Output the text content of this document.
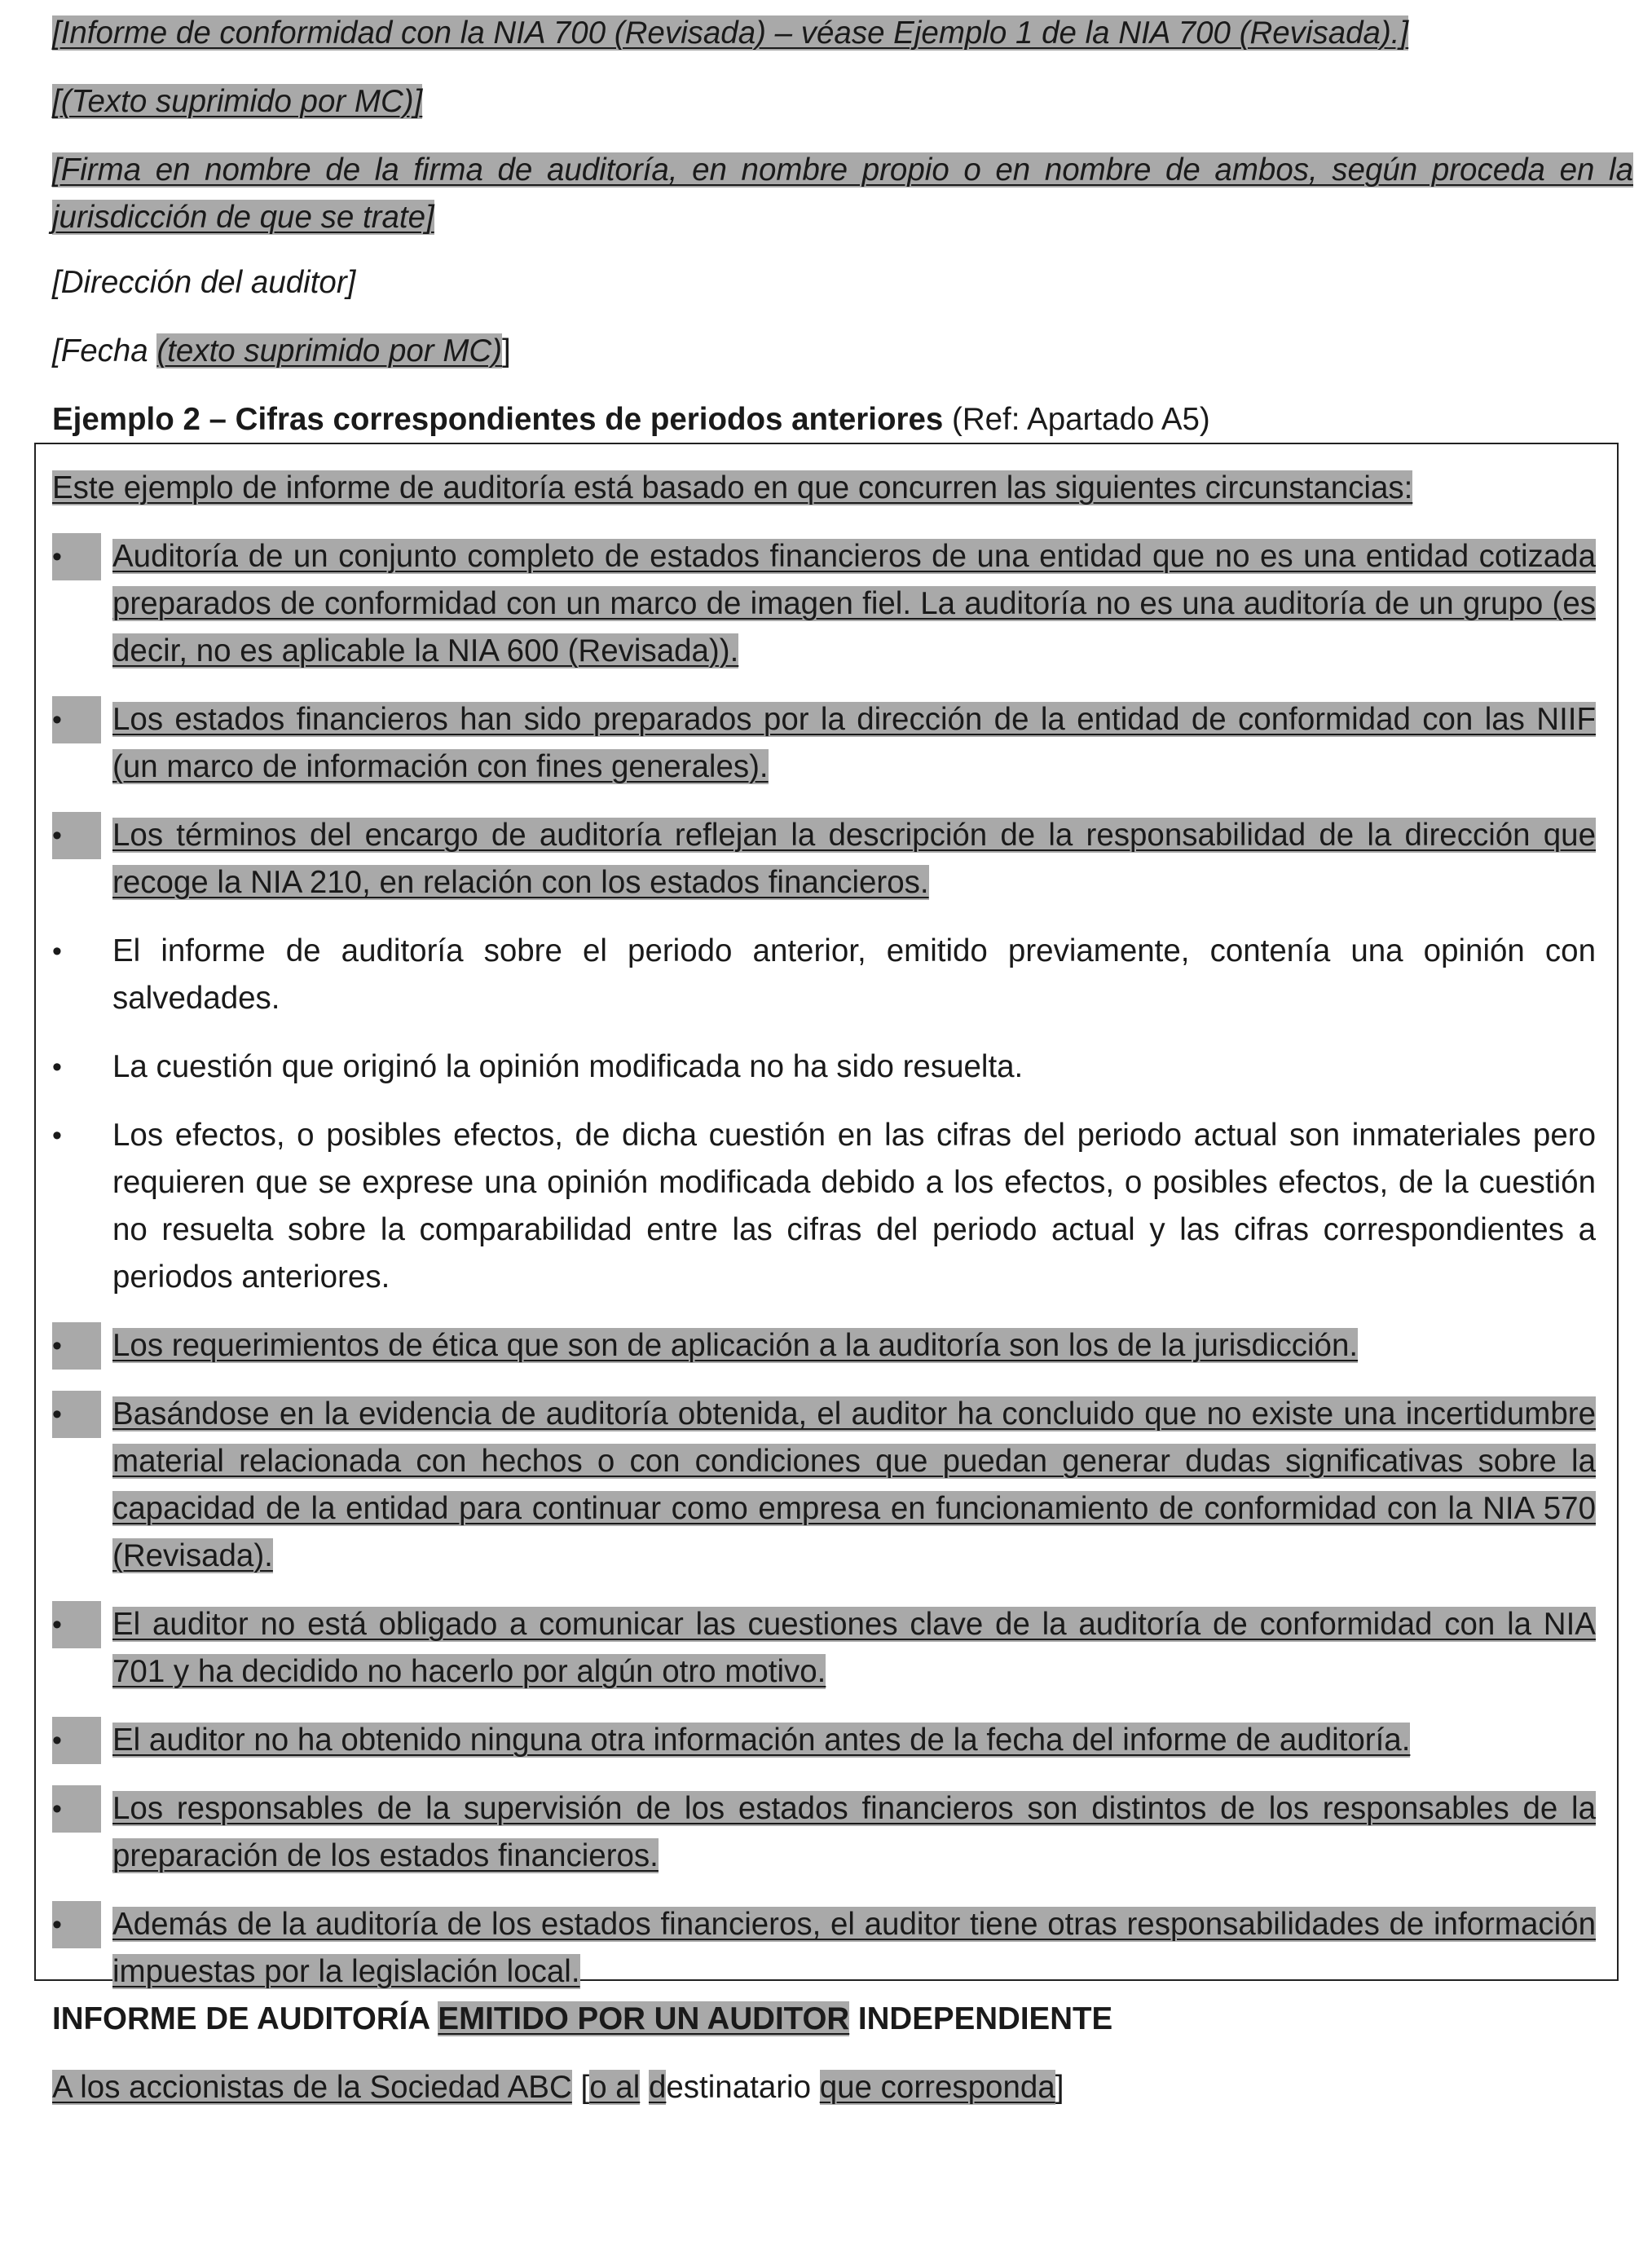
[Informe de conformidad con la NIA 700 (Revisada) – véase Ejemplo 1 de la NIA 700 (Revisada).]

[(Texto suprimido por MC)]

[Firma en nombre de la firma de auditoría, en nombre propio o en nombre de ambos, según proceda en la jurisdicción de que se trate]

[Dirección del auditor]

[Fecha (texto suprimido por MC)]

Ejemplo 2 – Cifras correspondientes de periodos anteriores (Ref: Apartado A5)

Este ejemplo de informe de auditoría está basado en que concurren las siguientes circunstancias:

•	Auditoría de un conjunto completo de estados financieros de una entidad que no es una entidad cotizada preparados de conformidad con un marco de imagen fiel. La auditoría no es una auditoría de un grupo (es decir, no es aplicable la NIA 600 (Revisada)).
•	Los estados financieros han sido preparados por la dirección de la entidad de conformidad con las NIIF (un marco de información con fines generales).
•	Los términos del encargo de auditoría reflejan la descripción de la responsabilidad de la dirección que recoge la NIA 210, en relación con los estados financieros.
•	El informe de auditoría sobre el periodo anterior, emitido previamente, contenía una opinión con salvedades.
•	La cuestión que originó la opinión modificada no ha sido resuelta.
•	Los efectos, o posibles efectos, de dicha cuestión en las cifras del periodo actual son inmateriales pero requieren que se exprese una opinión modificada debido a los efectos, o posibles efectos, de la cuestión no resuelta sobre la comparabilidad entre las cifras del periodo actual y las cifras correspondientes a periodos anteriores.
•	Los requerimientos de ética que son de aplicación a la auditoría son los de la jurisdicción.
•	Basándose en la evidencia de auditoría obtenida, el auditor ha concluido que no existe una incertidumbre material relacionada con hechos o con condiciones que puedan generar dudas significativas sobre la capacidad de la entidad para continuar como empresa en funcionamiento de conformidad con la NIA 570 (Revisada).
•	El auditor no está obligado a comunicar las cuestiones clave de la auditoría de conformidad con la NIA 701 y ha decidido no hacerlo por algún otro motivo.
•	El auditor no ha obtenido ninguna otra información antes de la fecha del informe de auditoría.
•	Los responsables de la supervisión de los estados financieros son distintos de los responsables de la preparación de los estados financieros.
•	Además de la auditoría de los estados financieros, el auditor tiene otras responsabilidades de información impuestas por la legislación local.

INFORME DE AUDITORÍA EMITIDO POR UN AUDITOR INDEPENDIENTE

A los accionistas de la Sociedad ABC [o al destinatario que corresponda]
